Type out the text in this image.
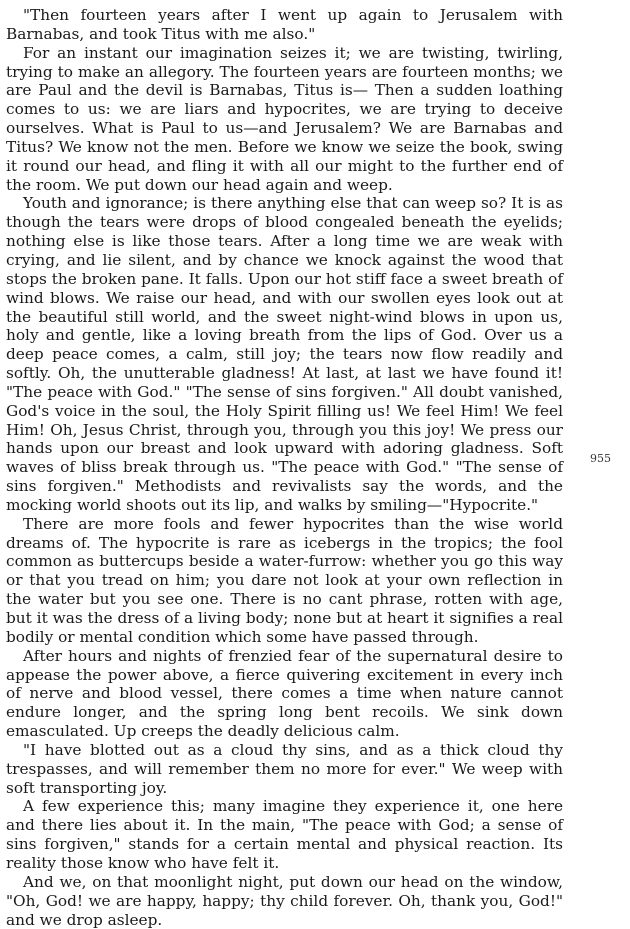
"Then fourteen years after I went up again to Jerusalem with Barnabas, and took Titus with me also."

For an instant our imagination seizes it; we are twisting, twirling, trying to make an allegory. The fourteen years are fourteen months; we are Paul and the devil is Barnabas, Titus is— Then a sudden loathing comes to us: we are liars and hypocrites, we are trying to deceive ourselves. What is Paul to us—and Jerusalem? We are Barnabas and Titus? We know not the men. Before we know we seize the book, swing it round our head, and fling it with all our might to the further end of the room. We put down our head again and weep.

Youth and ignorance; is there anything else that can weep so? It is as though the tears were drops of blood congealed beneath the eyelids; nothing else is like those tears. After a long time we are weak with crying, and lie silent, and by chance we knock against the wood that stops the broken pane. It falls. Upon our hot stiff face a sweet breath of wind blows. We raise our head, and with our swollen eyes look out at the beautiful still world, and the sweet night-wind blows in upon us, holy and gentle, like a loving breath from the lips of God. Over us a deep peace comes, a calm, still joy; the tears now flow readily and softly. Oh, the unutterable gladness! At last, at last we have found it! "The peace with God." "The sense of sins forgiven." All doubt vanished, God's voice in the soul, the Holy Spirit filling us! We feel Him! We feel Him! Oh, Jesus Christ, through you, through you this joy! We press our hands upon our breast and look upward with adoring gladness. Soft waves of bliss break through us. "The peace with God." "The sense of sins forgiven." Methodists and revivalists say the words, and the mocking world shoots out its lip, and walks by smiling—"Hypocrite."

There are more fools and fewer hypocrites than the wise world dreams of. The hypocrite is rare as icebergs in the tropics; the fool common as buttercups beside a water-furrow: whether you go this way or that you tread on him; you dare not look at your own reflection in the water but you see one. There is no cant phrase, rotten with age, but it was the dress of a living body; none but at heart it signifies a real bodily or mental condition which some have passed through.

After hours and nights of frenzied fear of the supernatural desire to appease the power above, a fierce quivering excitement in every inch of nerve and blood vessel, there comes a time when nature cannot endure longer, and the spring long bent recoils. We sink down emasculated. Up creeps the deadly delicious calm.

"I have blotted out as a cloud thy sins, and as a thick cloud thy trespasses, and will remember them no more for ever." We weep with soft transporting joy.

A few experience this; many imagine they experience it, one here and there lies about it. In the main, "The peace with God; a sense of sins forgiven," stands for a certain mental and physical reaction. Its reality those know who have felt it.

And we, on that moonlight night, put down our head on the window, "Oh, God! we are happy, happy; thy child forever. Oh, thank you, God!" and we drop asleep.

955
